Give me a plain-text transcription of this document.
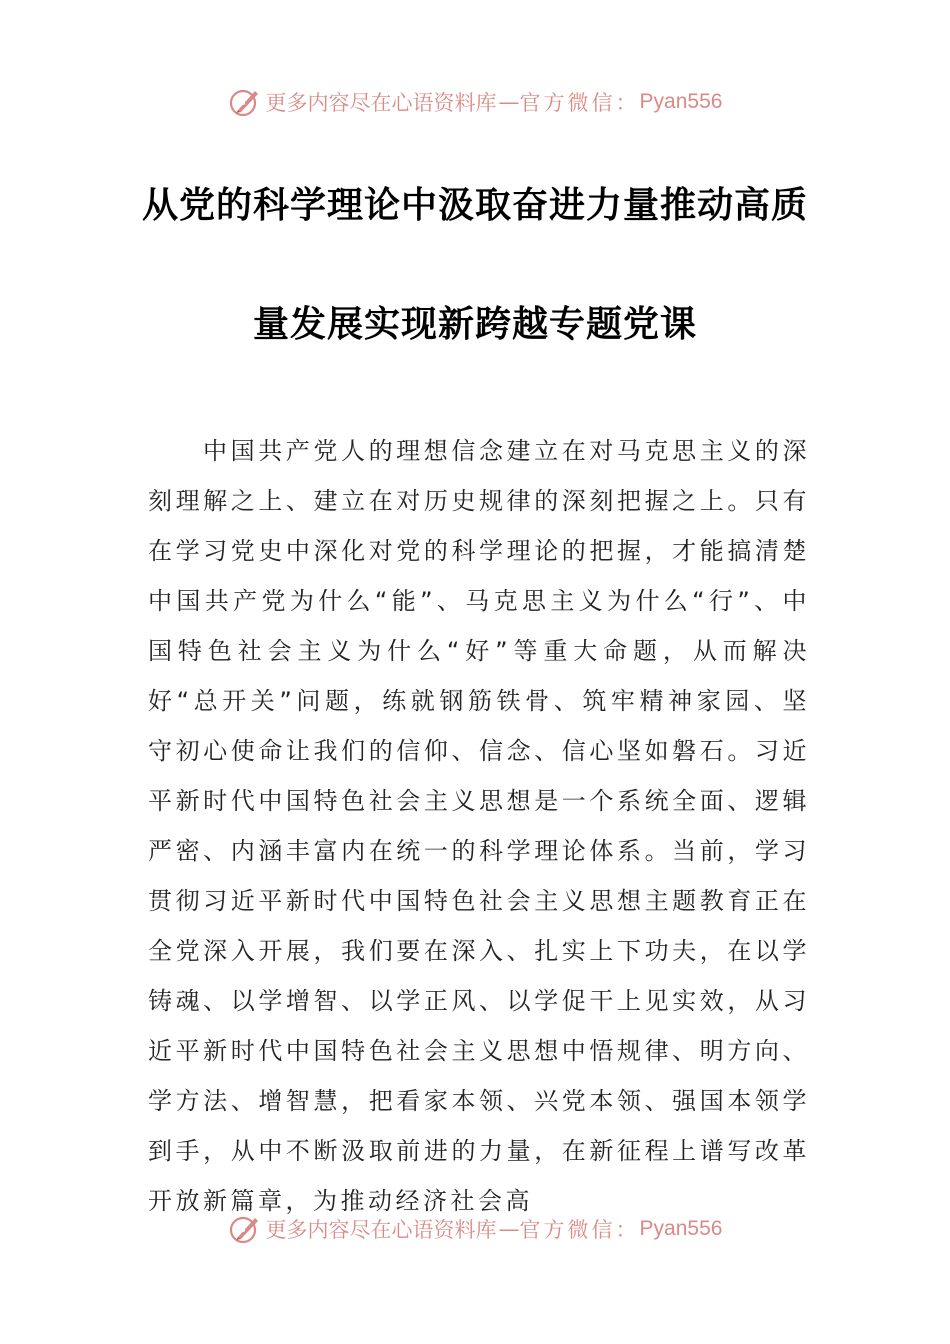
更多内容尽在心语资料库 — 官方微信： Pyan556
从党的科学理论中汲取奋进力量推动高质
量发展实现新跨越专题党课

中国共产党人的理想信念建立在对马克思主义的深刻理解之上、建立在对历史规律的深刻把握之上。只有在学习党史中深化对党的科学理论的把握，才能搞清楚中国共产党为什么“能”、马克思主义为什么“行”、中国特色社会主义为什么“好”等重大命题，从而解决好“总开关”问题，练就钢筋铁骨、筑牢精神家园、坚守初心使命让我们的信仰、信念、信心坚如磐石。习近平新时代中国特色社会主义思想是一个系统全面、逻辑严密、内涵丰富内在统一的科学理论体系。当前，学习贯彻习近平新时代中国特色社会主义思想主题教育正在全党深入开展，我们要在深入、扎实上下功夫，在以学铸魂、以学增智、以学正风、以学促干上见实效，从习近平新时代中国特色社会主义思想中悟规律、明方向、学方法、增智慧，把看家本领、兴党本领、强国本领学到手，从中不断汲取前进的力量，在新征程上谱写改革开放新篇章，为推动经济社会高

更多内容尽在心语资料库 — 官方微信： Pyan556
